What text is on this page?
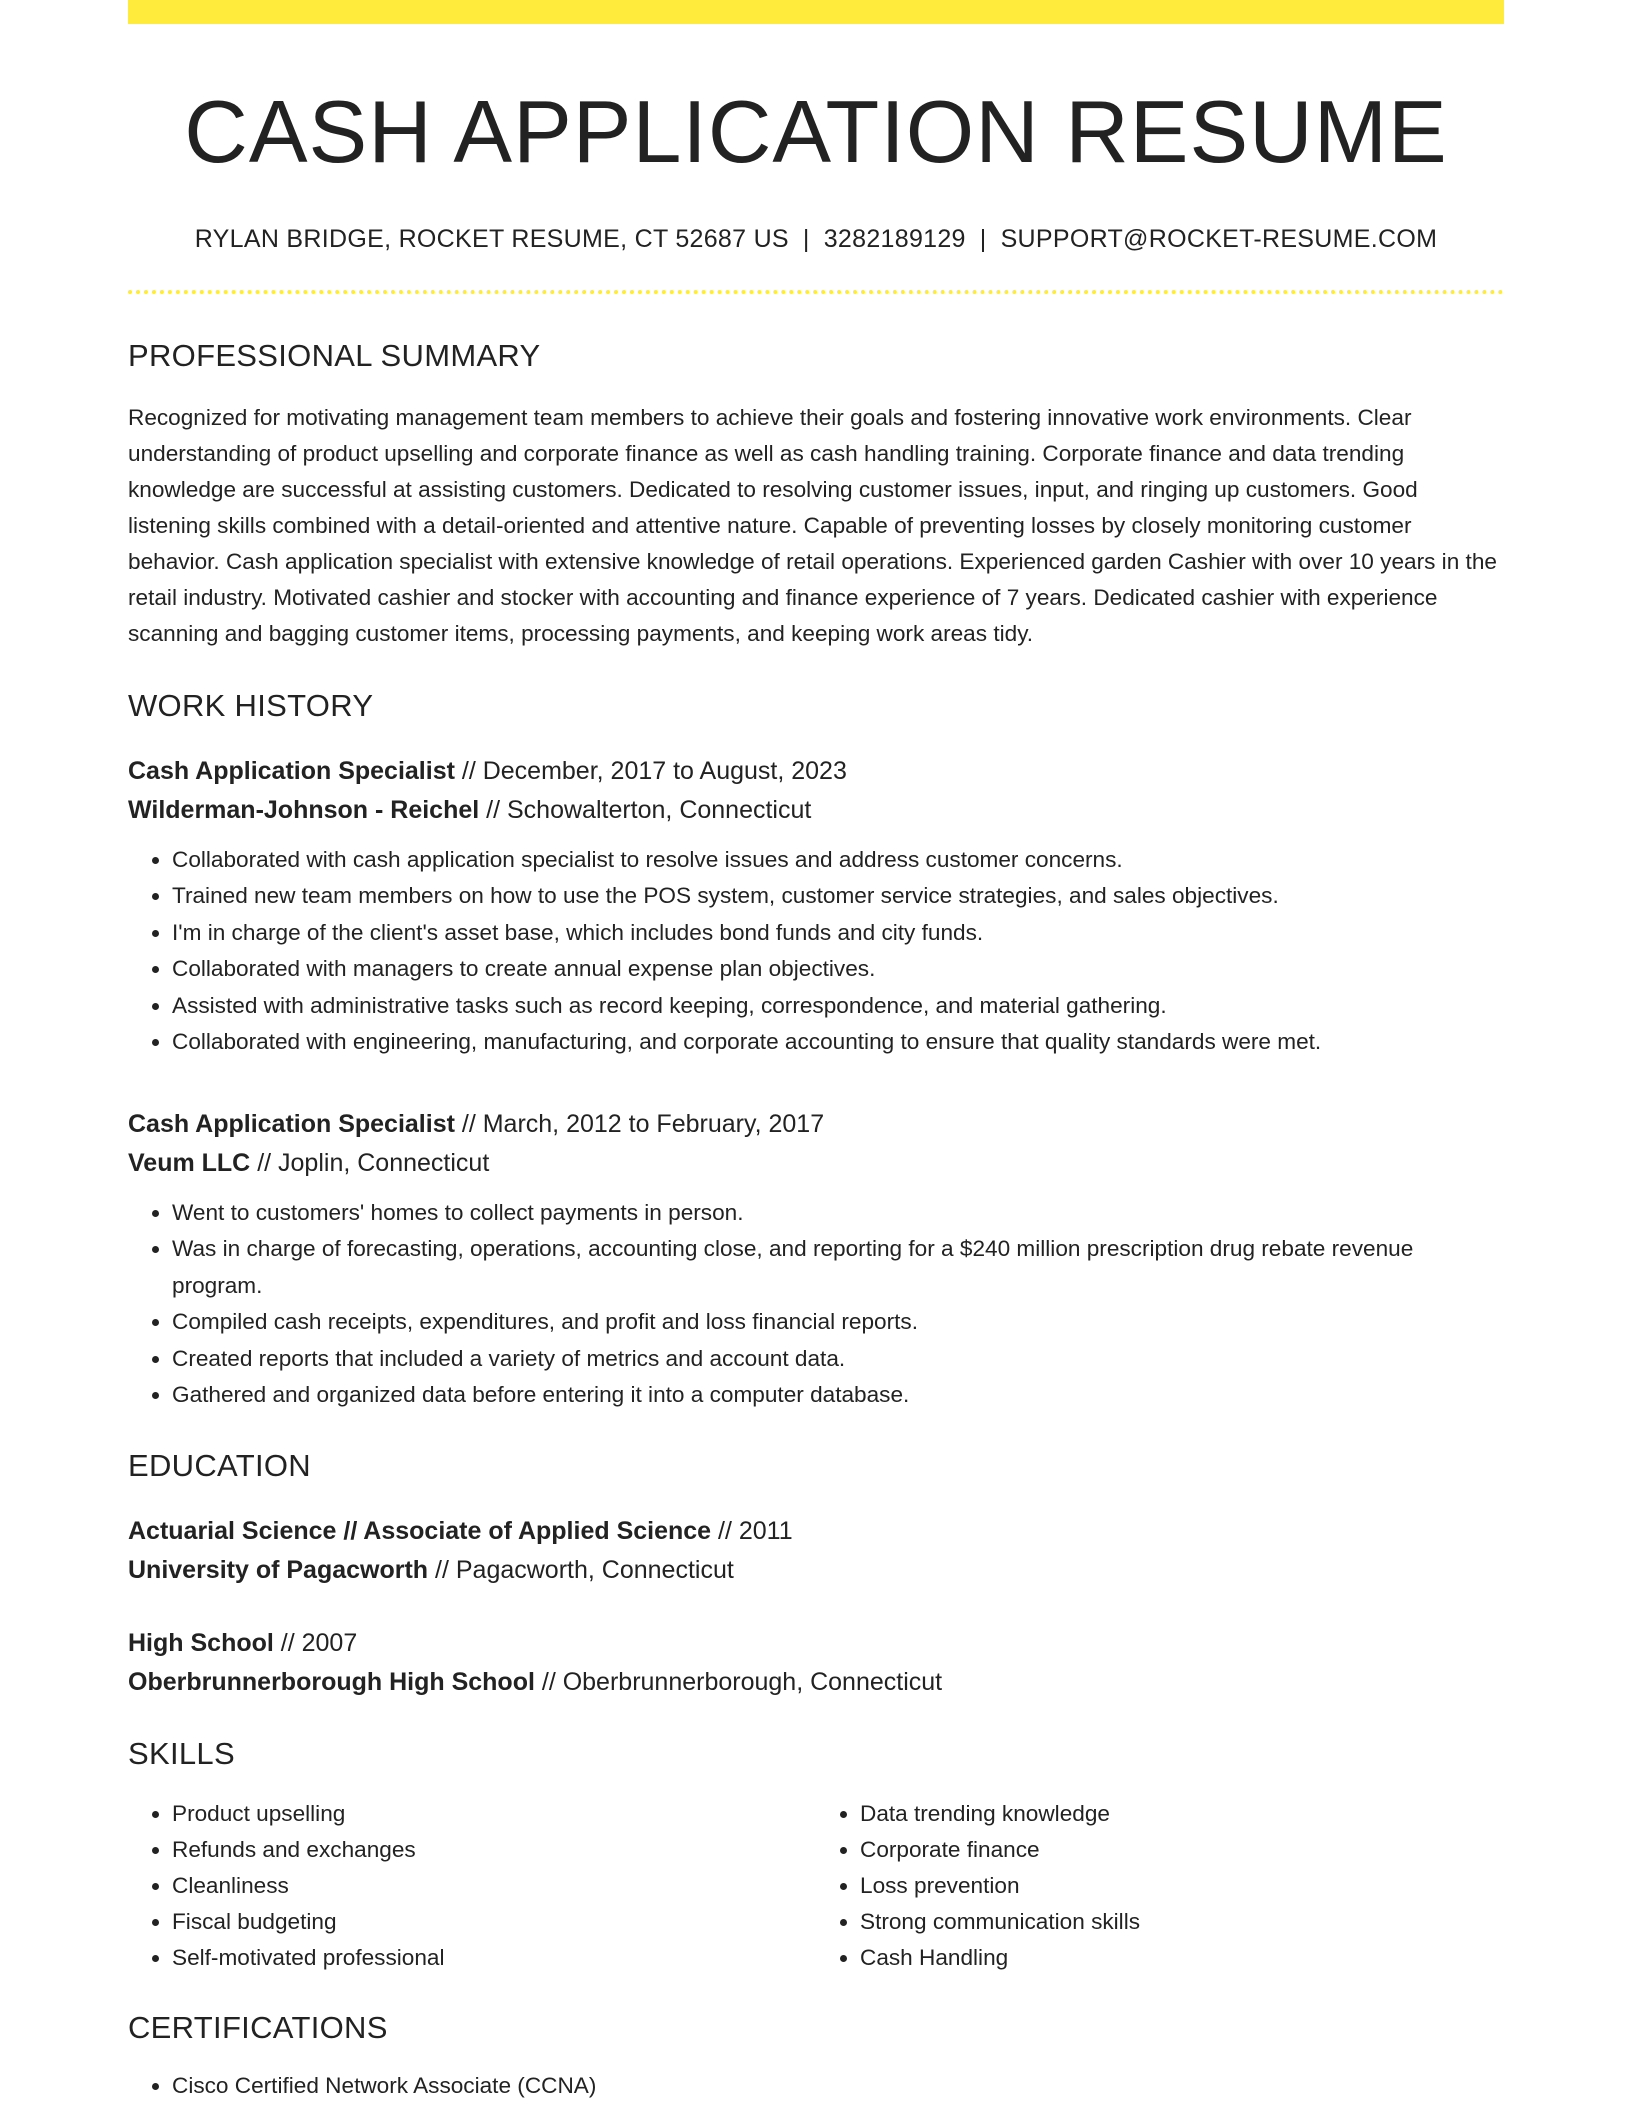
CASH APPLICATION RESUME
RYLAN BRIDGE, ROCKET RESUME, CT 52687 US | 3282189129 | SUPPORT@ROCKET-RESUME.COM
PROFESSIONAL SUMMARY
Recognized for motivating management team members to achieve their goals and fostering innovative work environments. Clear understanding of product upselling and corporate finance as well as cash handling training. Corporate finance and data trending knowledge are successful at assisting customers. Dedicated to resolving customer issues, input, and ringing up customers. Good listening skills combined with a detail-oriented and attentive nature. Capable of preventing losses by closely monitoring customer behavior. Cash application specialist with extensive knowledge of retail operations. Experienced garden Cashier with over 10 years in the retail industry. Motivated cashier and stocker with accounting and finance experience of 7 years. Dedicated cashier with experience scanning and bagging customer items, processing payments, and keeping work areas tidy.
WORK HISTORY
Cash Application Specialist // December, 2017 to August, 2023
Wilderman-Johnson - Reichel // Schowalterton, Connecticut
• Collaborated with cash application specialist to resolve issues and address customer concerns.
• Trained new team members on how to use the POS system, customer service strategies, and sales objectives.
• I'm in charge of the client's asset base, which includes bond funds and city funds.
• Collaborated with managers to create annual expense plan objectives.
• Assisted with administrative tasks such as record keeping, correspondence, and material gathering.
• Collaborated with engineering, manufacturing, and corporate accounting to ensure that quality standards were met.
Cash Application Specialist // March, 2012 to February, 2017
Veum LLC // Joplin, Connecticut
• Went to customers' homes to collect payments in person.
• Was in charge of forecasting, operations, accounting close, and reporting for a $240 million prescription drug rebate revenue program.
• Compiled cash receipts, expenditures, and profit and loss financial reports.
• Created reports that included a variety of metrics and account data.
• Gathered and organized data before entering it into a computer database.
EDUCATION
Actuarial Science // Associate of Applied Science // 2011
University of Pagacworth // Pagacworth, Connecticut
High School // 2007
Oberbrunnerborough High School // Oberbrunnerborough, Connecticut
SKILLS
• Product upselling
• Refunds and exchanges
• Cleanliness
• Fiscal budgeting
• Self-motivated professional
• Data trending knowledge
• Corporate finance
• Loss prevention
• Strong communication skills
• Cash Handling
CERTIFICATIONS
• Cisco Certified Network Associate (CCNA)
